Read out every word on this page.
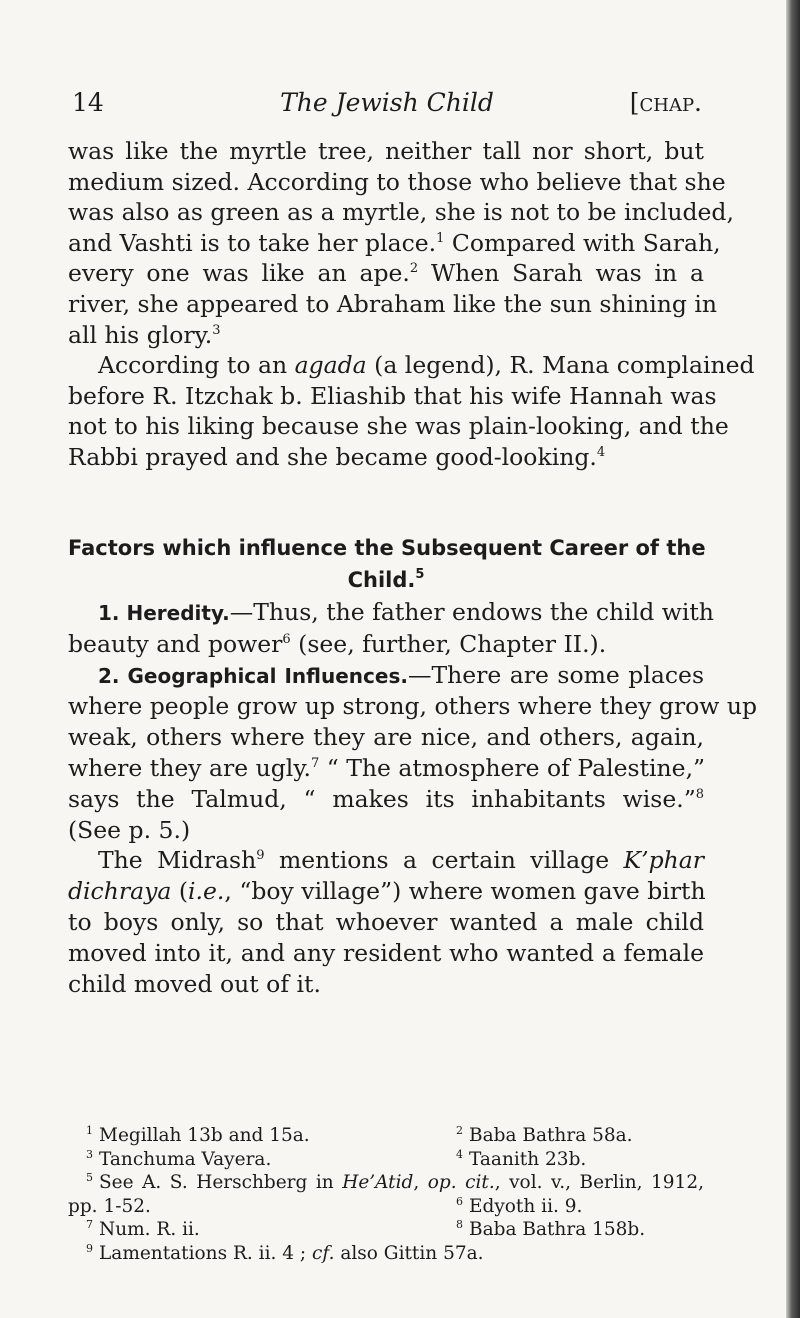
14	The Jewish Child	[chap.
was like the myrtle tree, neither tall nor short, but
medium sized. According to those who believe that she
was also as green as a myrtle, she is not to be included,
and Vashti is to take her place.$^1$ Compared with Sarah,
every one was like an ape.$^2$ When Sarah was in a
river, she appeared to Abraham like the sun shining in
all his glory.$^3$
According to an agada (a legend), R. Mana complained
before R. Itzchak b. Eliashib that his wife Hannah was
not to his liking because she was plain-looking, and the
Rabbi prayed and she became good-looking.$^4$
Factors which influence the Subsequent Career of the
Child.$^5$
1. Heredity.—Thus, the father endows the child with
beauty and power$^6$ (see, further, Chapter II.).
2. Geographical Influences.—There are some places
where people grow up strong, others where they grow up
weak, others where they are nice, and others, again,
where they are ugly.$^7$ “ The atmosphere of Palestine,”
says the Talmud, “ makes its inhabitants wise.”$^8$
(See p. 5.)
The Midrash$^9$ mentions a certain village K’phar
dichraya (i.e., “boy village”) where women gave birth
to boys only, so that whoever wanted a male child
moved into it, and any resident who wanted a female
child moved out of it.
$^1$ Megillah 13b and 15a.	$^2$ Baba Bathra 58a.
$^3$ Tanchuma Vayera.	$^4$ Taanith 23b.
$^5$ See A. S. Herschberg in He’Atid, op. cit., vol. v., Berlin, 1912,
pp. 1-52.	$^6$ Edyoth ii. 9.
$^7$ Num. R. ii.	$^8$ Baba Bathra 158b.
$^9$ Lamentations R. ii. 4 ; cf. also Gittin 57a.
